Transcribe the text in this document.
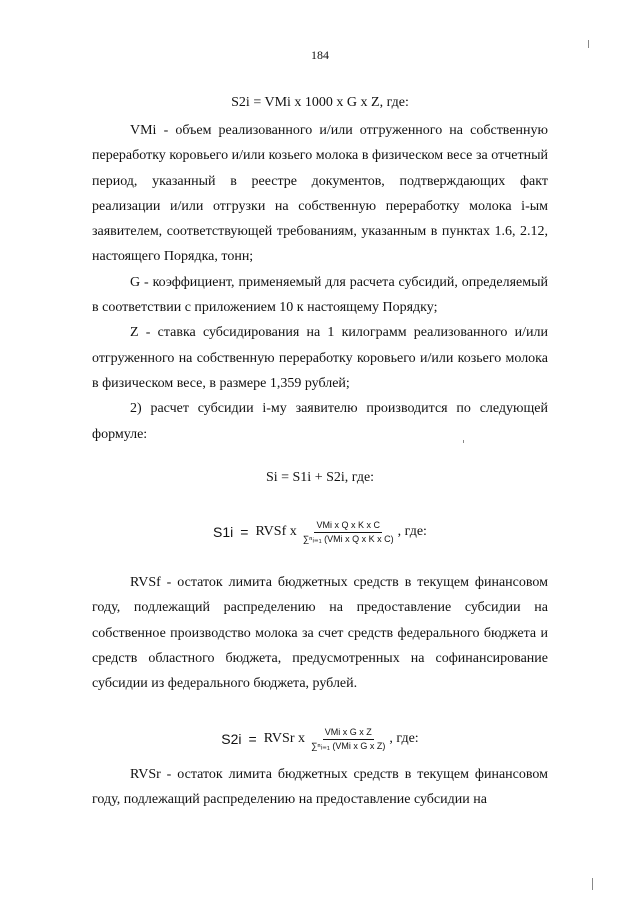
184
S2i = VMi х 1000 х G х Z, где:

VMi - объем реализованного и/или отгруженного на собственную переработку коровьего и/или козьего молока в физическом весе за отчетный период, указанный в реестре документов, подтверждающих факт реализации и/или отгрузки на собственную переработку молока i-ым заявителем, соответствующей требованиям, указанным в пунктах 1.6, 2.12, настоящего Порядка, тонн;

G - коэффициент, применяемый для расчета субсидий, определяемый в соответствии с приложением 10 к настоящему Порядку;

Z - ставка субсидирования на 1 килограмм реализованного и/или отгруженного на собственную переработку коровьего и/или козьего молока в физическом весе, в размере 1,359 рублей;

2) расчет субсидии i-му заявителю производится по следующей формуле:

Si = S1i + S2i, где:
S1i = RVSf х $\frac{\text{VMi x Q x K x C}}{\text{∑ⁿᵢ₌₁ (VMi x Q x K x C)}}$ , где:

RVSf - остаток лимита бюджетных средств в текущем финансовом году, подлежащий распределению на предоставление субсидии на собственное производство молока за счет средств федерального бюджета и средств областного бюджета, предусмотренных на софинансирование субсидии из федерального бюджета, рублей.

S2i = RVSr х $\frac{\text{VMi x G x Z}}{\text{∑ⁿᵢ₌₁ (VMi x G x Z)}}$ , где:

RVSr - остаток лимита бюджетных средств в текущем финансовом году, подлежащий распределению на предоставление субсидии на
